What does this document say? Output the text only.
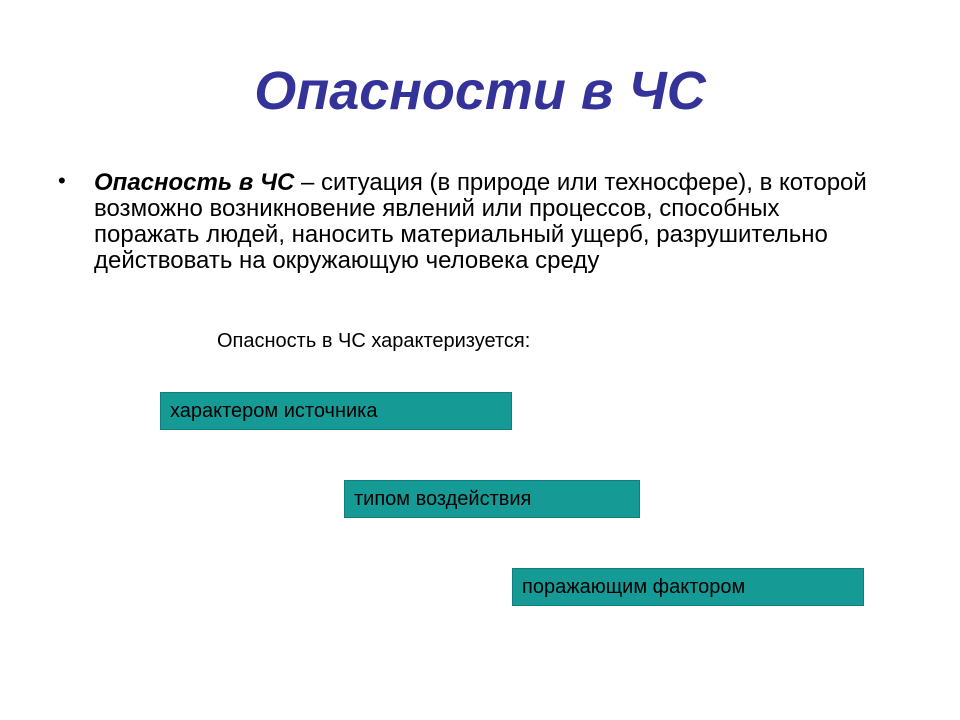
Опасности в ЧС
• Опасность в ЧС – ситуация (в природе или техносфере), в которой возможно возникновение явлений или процессов, способных поражать людей, наносить материальный ущерб, разрушительно действовать на окружающую человека среду
Опасность в ЧС характеризуется:
характером источника
типом воздействия
поражающим фактором
